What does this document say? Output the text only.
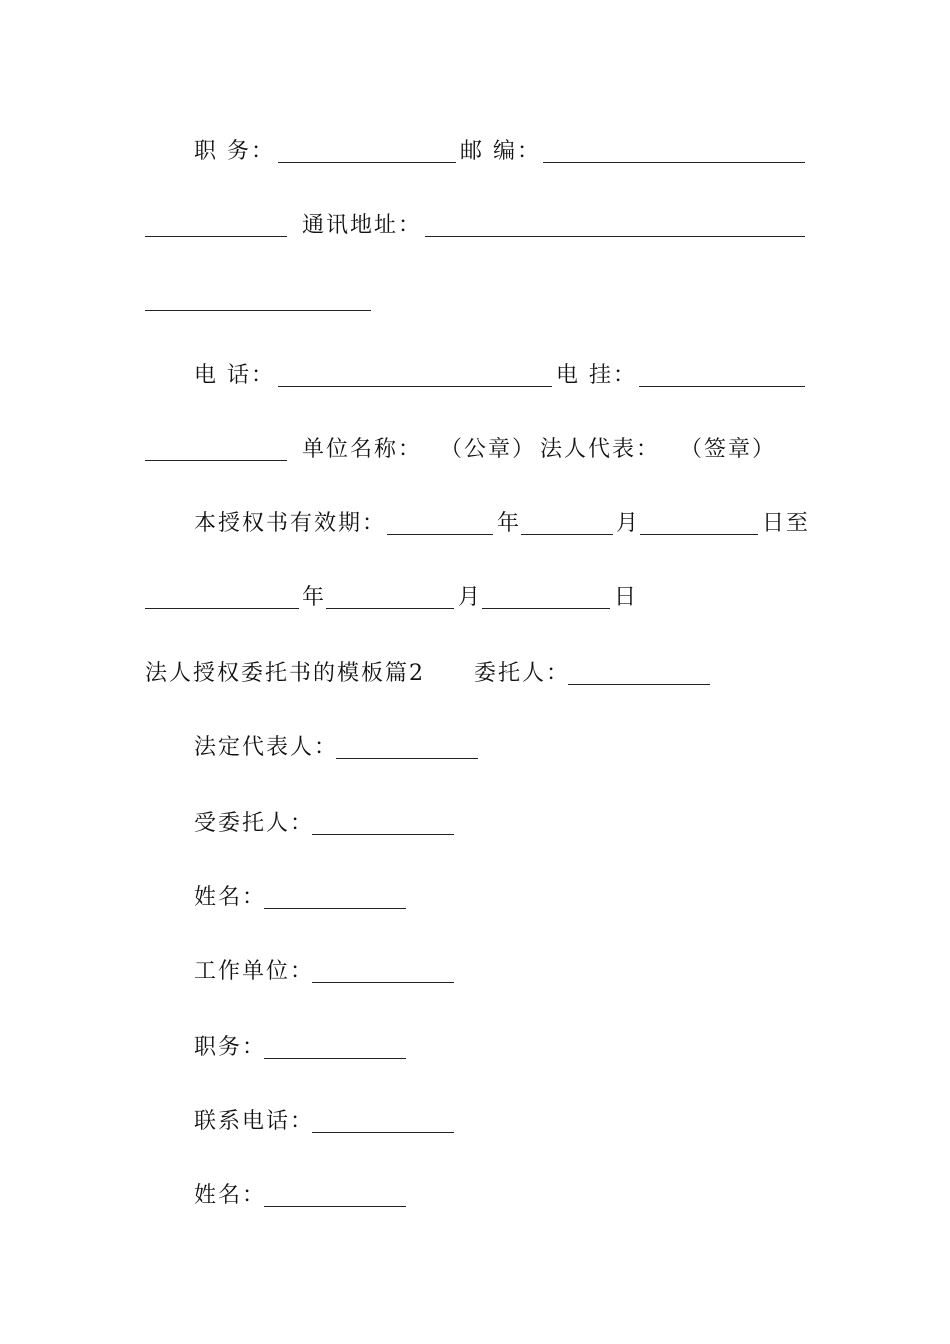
职 务：	邮 编：
通讯地址：
电 话：	电 挂：
单位名称： （公章） 法人代表： （签章）
本授权书有效期：	年	月	日至
年	月	日
法人授权委托书的模板篇2 委托人：
法定代表人：
受委托人：
姓名：
工作单位：
职务：
联系电话：
姓名：
